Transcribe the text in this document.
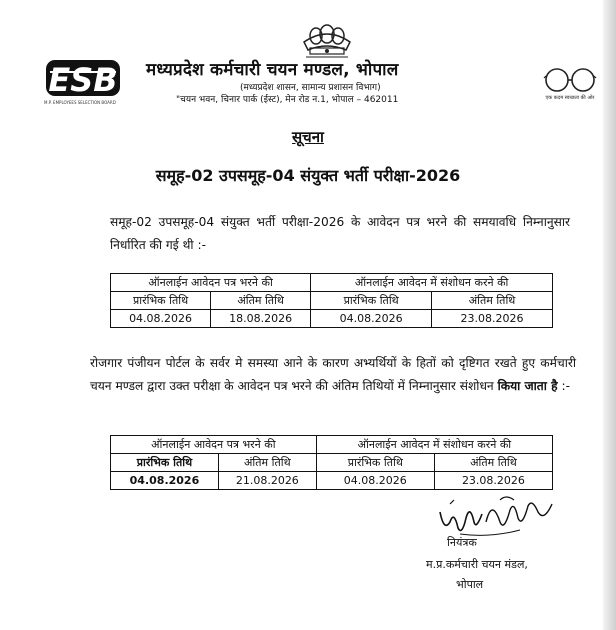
ESB
M.P. EMPLOYEES SELECTION BOARD
मध्यप्रदेश कर्मचारी चयन मण्डल, भोपाल
(मध्यप्रदेश शासन, सामान्य प्रशासन विभाग)
"चयन भवन, चिनार पार्क (ईस्ट), मेन रोड न.1, भोपाल – 462011	एक कदम स्वच्छता की ओर
सूचना
समूह-02 उपसमूह-04 संयुक्त भर्ती परीक्षा-2026
समूह-02 उपसमूह-04 संयुक्त भर्ती परीक्षा-2026 के आवेदन पत्र भरने की समयावधि निम्नानुसार निर्धारित की गई थी :-
ऑनलाईन आवेदन पत्र भरने की		ऑनलाईन आवेदन में संशोधन करने की	
प्रारंभिक तिथि	अंतिम तिथि	प्रारंभिक तिथि	अंतिम तिथि
04.08.2026	18.08.2026	04.08.2026	23.08.2026
रोजगार पंजीयन पोर्टल के सर्वर मे समस्या आने के कारण अभ्यर्थियों के हितों को दृष्टिगत रखते हुए कर्मचारी चयन मण्डल द्वारा उक्त परीक्षा के आवेदन पत्र भरने की अंतिम तिथियों में निम्नानुसार संशोधन किया जाता है :-
ऑनलाईन आवेदन पत्र भरने की		ऑनलाईन आवेदन में संशोधन करने की	
प्रारंभिक तिथि	अंतिम तिथि	प्रारंभिक तिथि	अंतिम तिथि
04.08.2026	21.08.2026	04.08.2026	23.08.2026
नियंत्रक
म.प्र.कर्मचारी चयन मंडल,
भोपाल
